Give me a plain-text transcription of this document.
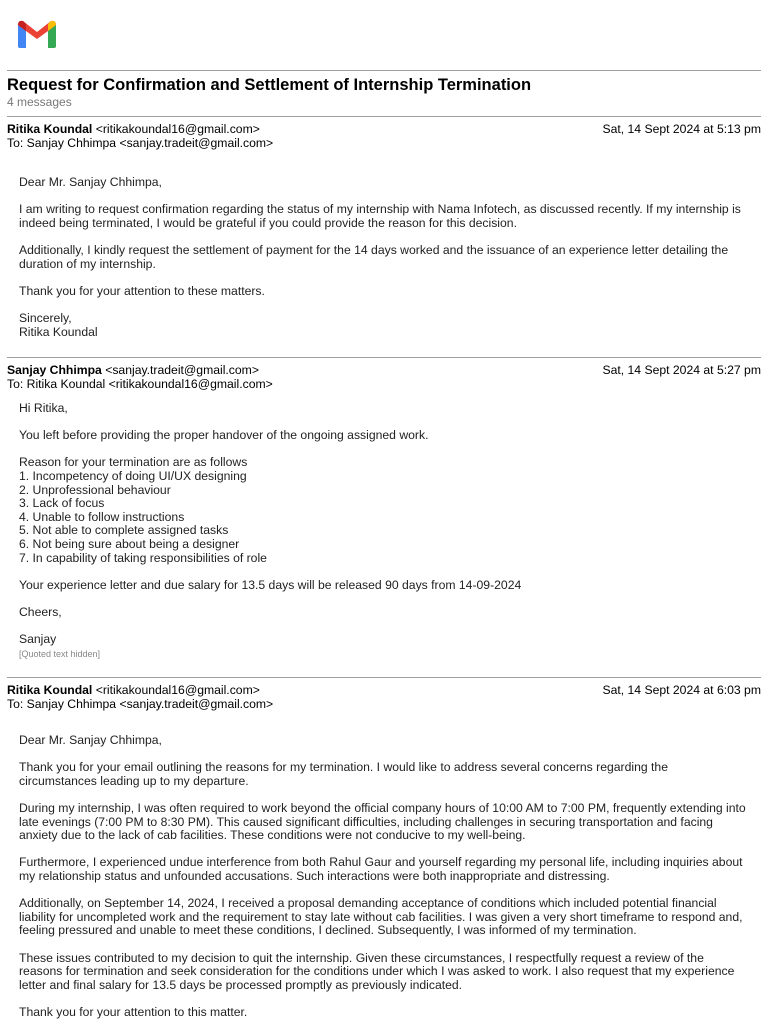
Request for Confirmation and Settlement of Internship Termination
4 messages
Ritika Koundal <ritikakoundal16@gmail.com>	Sat, 14 Sept 2024 at 5:13 pm
To: Sanjay Chhimpa <sanjay.tradeit@gmail.com>

Dear Mr. Sanjay Chhimpa,

I am writing to request confirmation regarding the status of my internship with Nama Infotech, as discussed recently. If my internship is indeed being terminated, I would be grateful if you could provide the reason for this decision.

Additionally, I kindly request the settlement of payment for the 14 days worked and the issuance of an experience letter detailing the duration of my internship.

Thank you for your attention to these matters.

Sincerely,
Ritika Koundal
Sanjay Chhimpa <sanjay.tradeit@gmail.com>	Sat, 14 Sept 2024 at 5:27 pm
To: Ritika Koundal <ritikakoundal16@gmail.com>

Hi Ritika,

You left before providing the proper handover of the ongoing assigned work.

Reason for your termination are as follows
1. Incompetency of doing UI/UX designing
2. Unprofessional behaviour
3. Lack of focus
4. Unable to follow instructions
5. Not able to complete assigned tasks
6. Not being sure about being a designer
7. In capability of taking responsibilities of role

Your experience letter and due salary for 13.5 days will be released 90 days from 14-09-2024

Cheers,

Sanjay
[Quoted text hidden]
Ritika Koundal <ritikakoundal16@gmail.com>	Sat, 14 Sept 2024 at 6:03 pm
To: Sanjay Chhimpa <sanjay.tradeit@gmail.com>

Dear Mr. Sanjay Chhimpa,

Thank you for your email outlining the reasons for my termination. I would like to address several concerns regarding the circumstances leading up to my departure.

During my internship, I was often required to work beyond the official company hours of 10:00 AM to 7:00 PM, frequently extending into late evenings (7:00 PM to 8:30 PM). This caused significant difficulties, including challenges in securing transportation and facing anxiety due to the lack of cab facilities. These conditions were not conducive to my well-being.

Furthermore, I experienced undue interference from both Rahul Gaur and yourself regarding my personal life, including inquiries about my relationship status and unfounded accusations. Such interactions were both inappropriate and distressing.

Additionally, on September 14, 2024, I received a proposal demanding acceptance of conditions which included potential financial liability for uncompleted work and the requirement to stay late without cab facilities. I was given a very short timeframe to respond and, feeling pressured and unable to meet these conditions, I declined. Subsequently, I was informed of my termination.

These issues contributed to my decision to quit the internship. Given these circumstances, I respectfully request a review of the reasons for termination and seek consideration for the conditions under which I was asked to work. I also request that my experience letter and final salary for 13.5 days be processed promptly as previously indicated.

Thank you for your attention to this matter.
